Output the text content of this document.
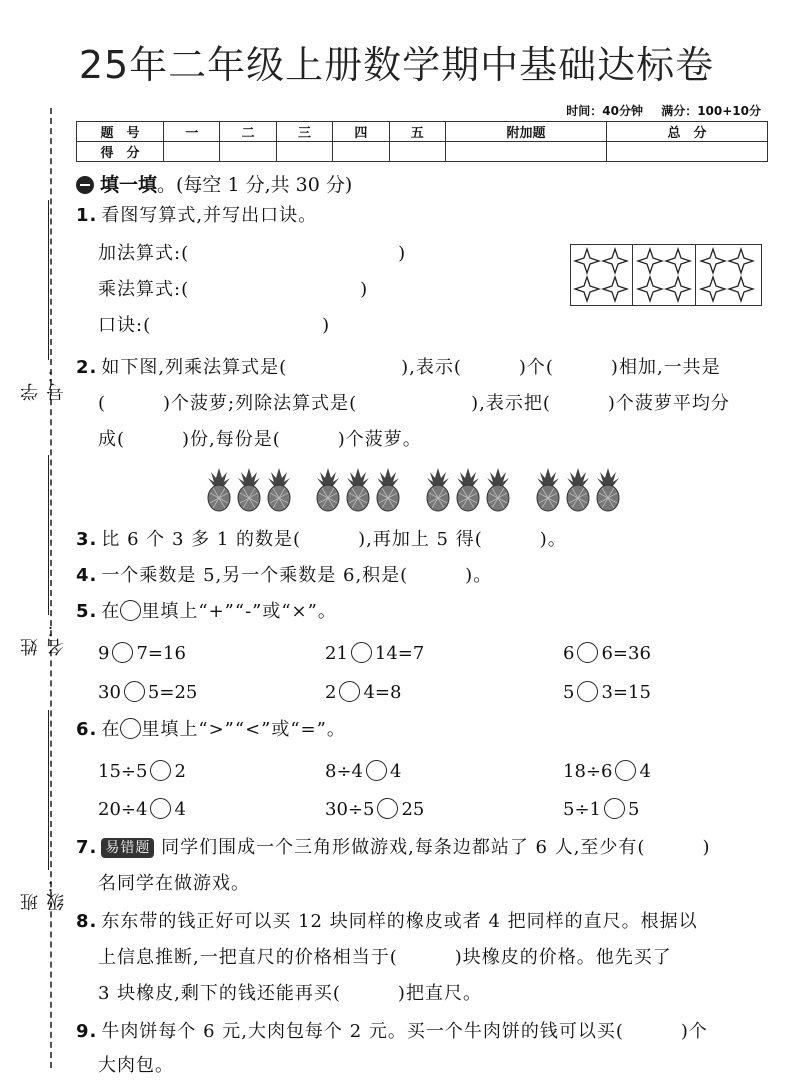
25年二年级上册数学期中基础达标卷
学号：
姓名：
班级：
时间：40分钟 满分：100+10分
题　号	一	二	三	四	五	附加题	总　分
得　分							
填一填。(每空 1 分,共 30 分)
1. 看图写算式,并写出口诀。
加法算式:(　　　　　　　　　　　)
乘法算式:(　　　　　　　　　)
口诀:(　　　　　　　　　)
2. 如下图,列乘法算式是(　　　　　　),表示(　　　)个(　　　)相加,一共是
(　　　)个菠萝;列除法算式是(　　　　　　),表示把(　　　)个菠萝平均分
成(　　　)份,每份是(　　　)个菠萝。
3. 比 6 个 3 多 1 的数是(　　　),再加上 5 得(　　　)。
4. 一个乘数是 5,另一个乘数是 6,积是(　　　)。
5. 在 里填上“+”“-”或“×”。
9 7=16	21 14=7	6 6=36
30 5=25	2 4=8	5 3=15
6. 在 里填上“>”“<”或“=”。
15÷5 2	8÷4 4	18÷6 4
20÷4 4	30÷5 25	5÷1 5
7. 易错题 同学们围成一个三角形做游戏,每条边都站了 6 人,至少有(　　　)
名同学在做游戏。
8. 东东带的钱正好可以买 12 块同样的橡皮或者 4 把同样的直尺。根据以
上信息推断,一把直尺的价格相当于(　　　)块橡皮的价格。他先买了
3 块橡皮,剩下的钱还能再买(　　　)把直尺。
9. 牛肉饼每个 6 元,大肉包每个 2 元。买一个牛肉饼的钱可以买(　　　)个
大肉包。
